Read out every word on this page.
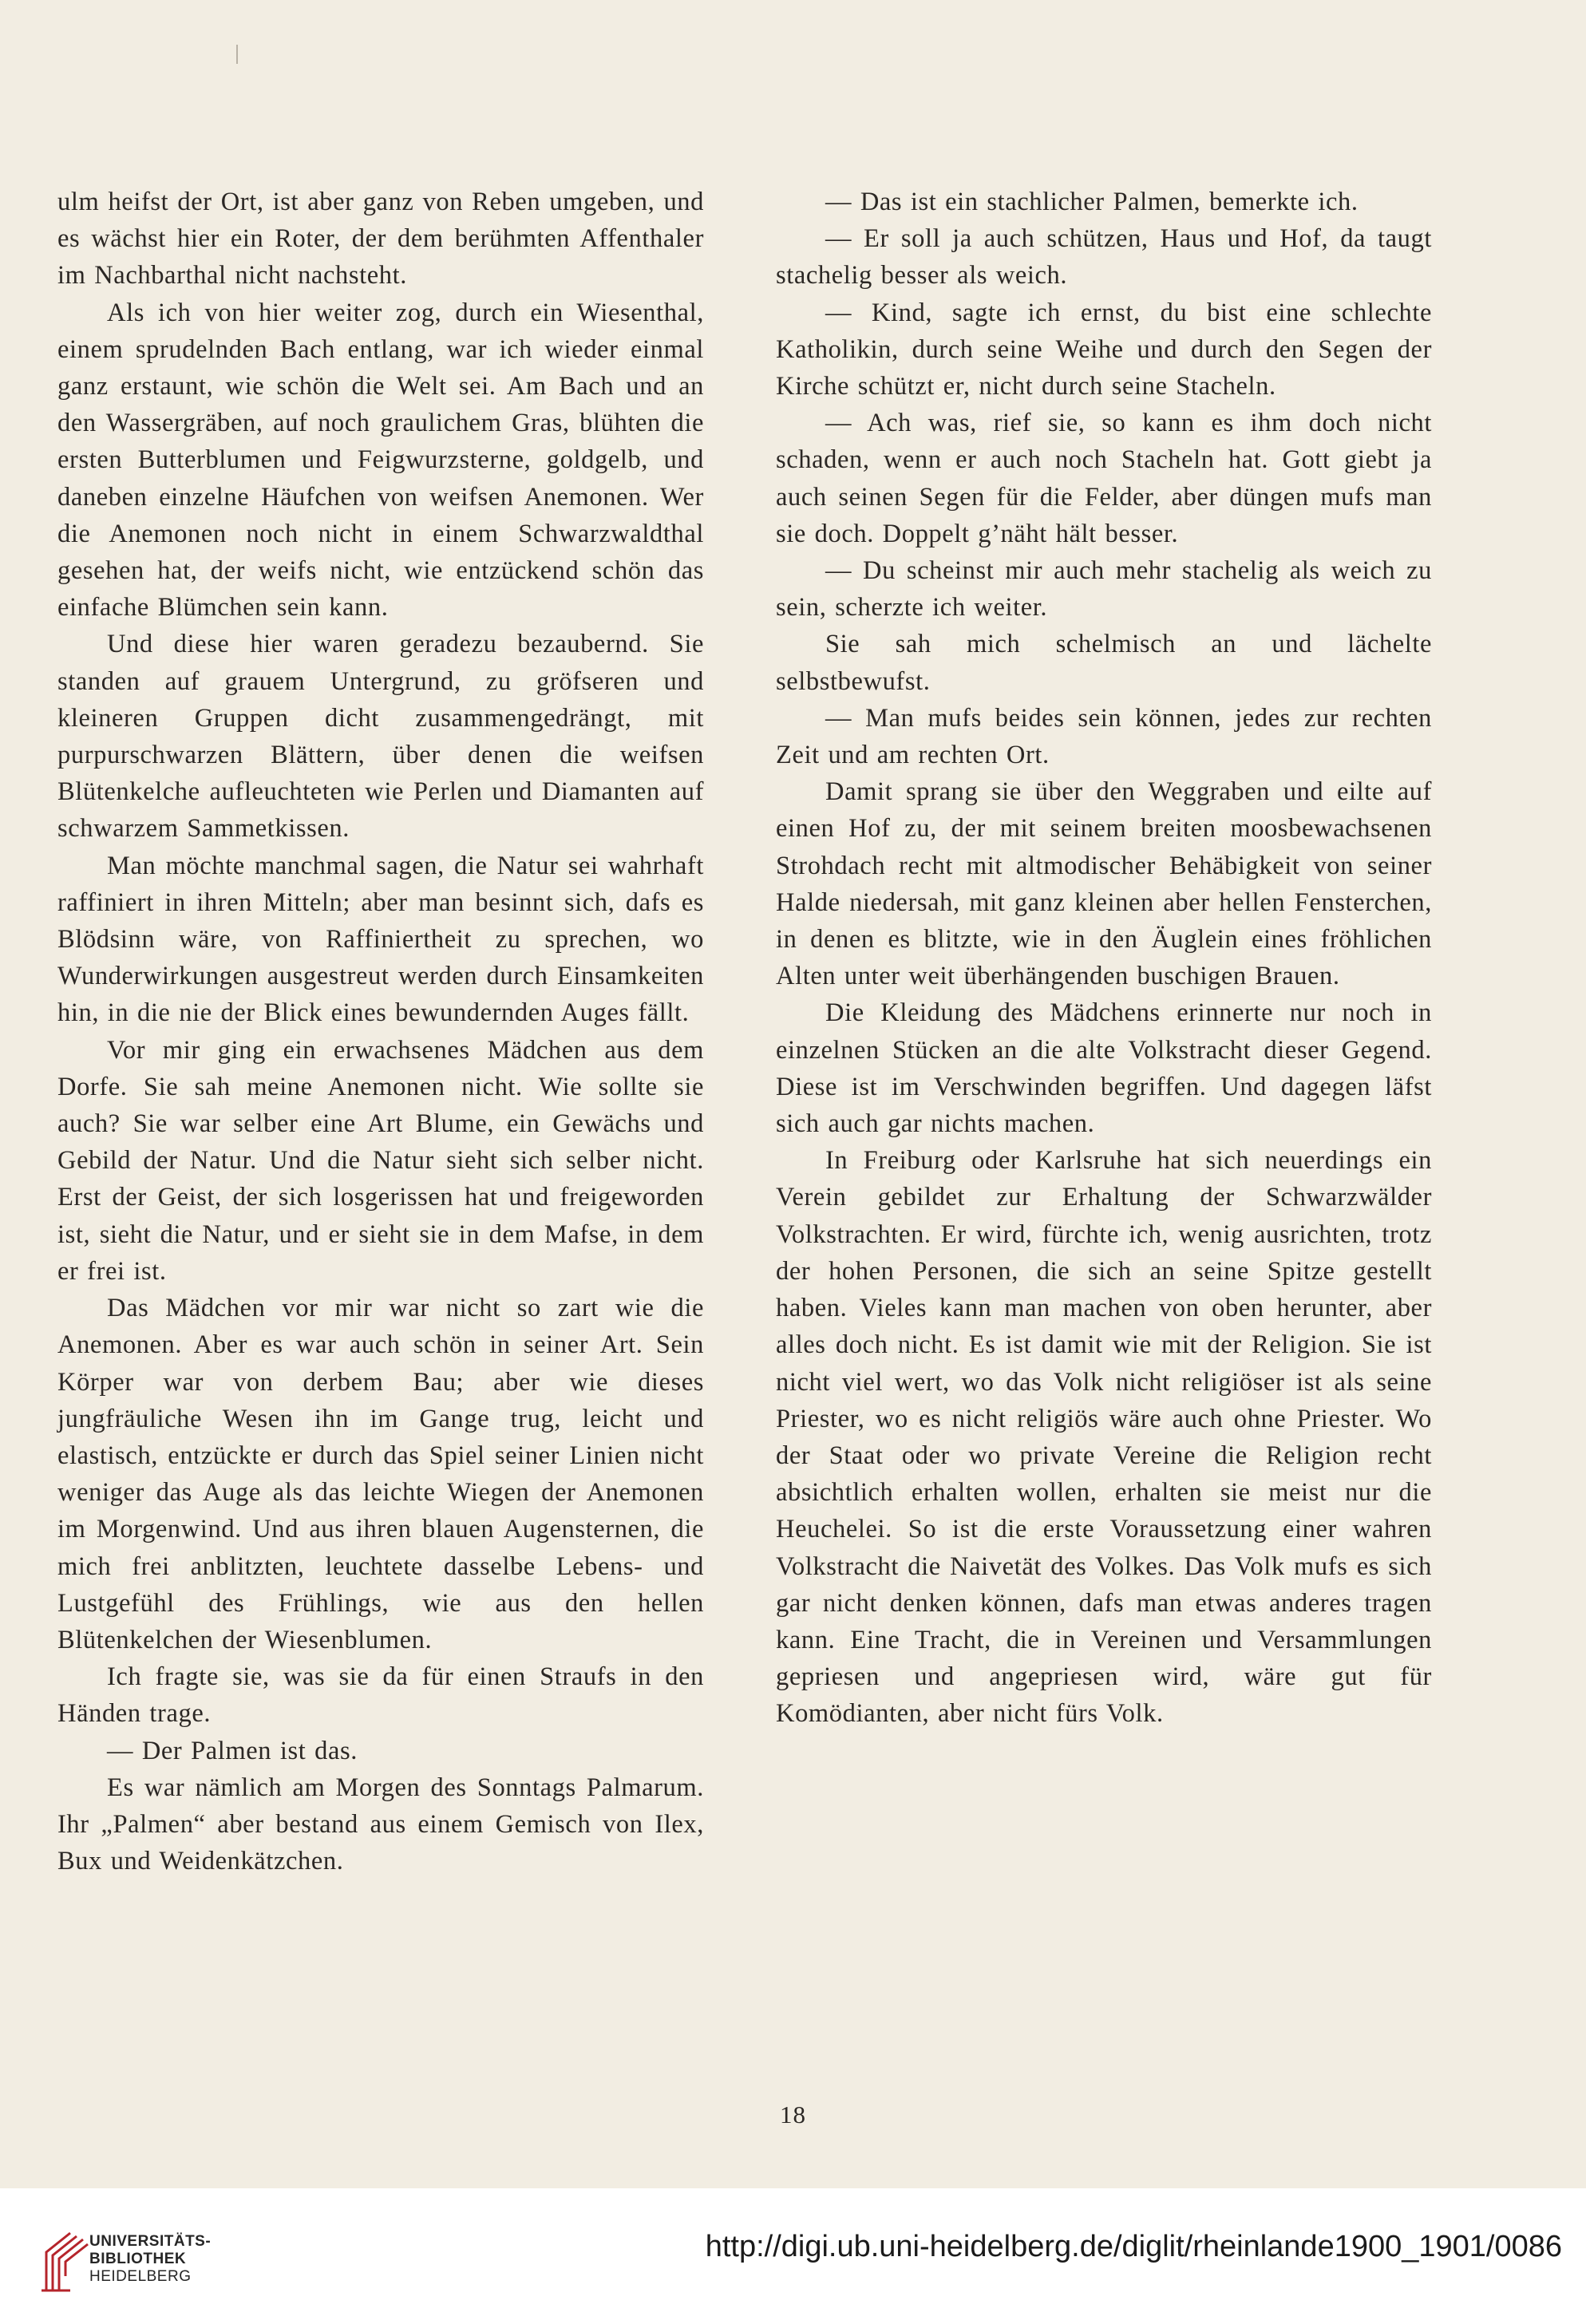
ulm heifst der Ort, ist aber ganz von Reben umgeben, und es wächst hier ein Roter, der dem berühmten Affenthaler im Nachbarthal nicht nachsteht.

Als ich von hier weiter zog, durch ein Wiesenthal, einem sprudelnden Bach entlang, war ich wieder einmal ganz erstaunt, wie schön die Welt sei. Am Bach und an den Wassergräben, auf noch graulichem Gras, blühten die ersten Butterblumen und Feigwurzsterne, goldgelb, und daneben einzelne Häufchen von weifsen Anemonen. Wer die Anemonen noch nicht in einem Schwarzwaldthal gesehen hat, der weifs nicht, wie entzückend schön das einfache Blümchen sein kann.

Und diese hier waren geradezu bezaubernd. Sie standen auf grauem Untergrund, zu gröfseren und kleineren Gruppen dicht zusammengedrängt, mit purpurschwarzen Blättern, über denen die weifsen Blütenkelche aufleuchteten wie Perlen und Diamanten auf schwarzem Sammetkissen.

Man möchte manchmal sagen, die Natur sei wahrhaft raffiniert in ihren Mitteln; aber man besinnt sich, dafs es Blödsinn wäre, von Raffiniertheit zu sprechen, wo Wunderwirkungen ausgestreut werden durch Einsamkeiten hin, in die nie der Blick eines bewundernden Auges fällt.

Vor mir ging ein erwachsenes Mädchen aus dem Dorfe. Sie sah meine Anemonen nicht. Wie sollte sie auch? Sie war selber eine Art Blume, ein Gewächs und Gebild der Natur. Und die Natur sieht sich selber nicht. Erst der Geist, der sich losgerissen hat und freigeworden ist, sieht die Natur, und er sieht sie in dem Mafse, in dem er frei ist.

Das Mädchen vor mir war nicht so zart wie die Anemonen. Aber es war auch schön in seiner Art. Sein Körper war von derbem Bau; aber wie dieses jungfräuliche Wesen ihn im Gange trug, leicht und elastisch, entzückte er durch das Spiel seiner Linien nicht weniger das Auge als das leichte Wiegen der Anemonen im Morgenwind. Und aus ihren blauen Augensternen, die mich frei anblitzten, leuchtete dasselbe Lebens- und Lustgefühl des Frühlings, wie aus den hellen Blütenkelchen der Wiesenblumen.

Ich fragte sie, was sie da für einen Straufs in den Händen trage.

— Der Palmen ist das.

Es war nämlich am Morgen des Sonntags Palmarum. Ihr „Palmen“ aber bestand aus einem Gemisch von Ilex, Bux und Weidenkätzchen.

— Das ist ein stachlicher Palmen, bemerkte ich.

— Er soll ja auch schützen, Haus und Hof, da taugt stachelig besser als weich.

— Kind, sagte ich ernst, du bist eine schlechte Katholikin, durch seine Weihe und durch den Segen der Kirche schützt er, nicht durch seine Stacheln.

— Ach was, rief sie, so kann es ihm doch nicht schaden, wenn er auch noch Stacheln hat. Gott giebt ja auch seinen Segen für die Felder, aber düngen mufs man sie doch. Doppelt g’näht hält besser.

— Du scheinst mir auch mehr stachelig als weich zu sein, scherzte ich weiter.

Sie sah mich schelmisch an und lächelte selbstbewufst.

— Man mufs beides sein können, jedes zur rechten Zeit und am rechten Ort.

Damit sprang sie über den Weggraben und eilte auf einen Hof zu, der mit seinem breiten moosbewachsenen Strohdach recht mit altmodischer Behäbigkeit von seiner Halde niedersah, mit ganz kleinen aber hellen Fensterchen, in denen es blitzte, wie in den Äuglein eines fröhlichen Alten unter weit überhängenden buschigen Brauen.

Die Kleidung des Mädchens erinnerte nur noch in einzelnen Stücken an die alte Volkstracht dieser Gegend. Diese ist im Verschwinden begriffen. Und dagegen läfst sich auch gar nichts machen.

In Freiburg oder Karlsruhe hat sich neuerdings ein Verein gebildet zur Erhaltung der Schwarzwälder Volkstrachten. Er wird, fürchte ich, wenig ausrichten, trotz der hohen Personen, die sich an seine Spitze gestellt haben. Vieles kann man machen von oben herunter, aber alles doch nicht. Es ist damit wie mit der Religion. Sie ist nicht viel wert, wo das Volk nicht religiöser ist als seine Priester, wo es nicht religiös wäre auch ohne Priester. Wo der Staat oder wo private Vereine die Religion recht absichtlich erhalten wollen, erhalten sie meist nur die Heuchelei. So ist die erste Voraussetzung einer wahren Volkstracht die Naivetät des Volkes. Das Volk mufs es sich gar nicht denken können, dafs man etwas anderes tragen kann. Eine Tracht, die in Vereinen und Versammlungen gepriesen und angepriesen wird, wäre gut für Komödianten, aber nicht fürs Volk.

18
UNIVERSITÄTS-
BIBLIOTHEK
HEIDELBERG
http://digi.ub.uni-heidelberg.de/diglit/rheinlande1900_1901/0086
